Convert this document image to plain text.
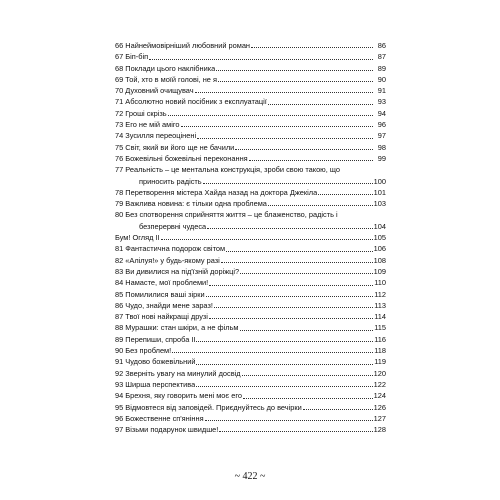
66 Найнеймовірніший любовний роман	86
67 Біп-біп	87
68 Поклади цього наклібника	89
69 Той, хто в моїй голові, не я	90
70 Духовний очищувач	91
71 Абсолютно новий посібник з експлуатації	93
72 Гроші скрізь	94
73 Его не мій аміго	96
74 Зусилля переоцінені	97
75 Світ, який ви його ще не бачили	98
76 Божевільні божевільні переконання	99
77 Реальність – це ментальна конструкція, зроби свою такою, що
приносить радість	100
78 Перетворення містера Хайда назад на доктора Джекіла	101
79 Важлива новина: є тільки одна проблема	103
80 Без спотворення сприйняття життя – це блаженство, радість і
безперервні чудеса	104
Бум! Огляд ІІ	105
81 Фантастична подорож світом	106
82 «Алілуя!» у будь-якому разі	108
83 Ви дивилися на під'їзній доріжці?	109
84 Намасте, мої проблеми!	110
85 Помилилися ваші зірки	112
86 Чудо, знайди мене зараз!	113
87 Твої нові найкращі друзі	114
88 Мурашки: стан шкіри, а не фільм	115
89 Перепиши, спроба ІІ	116
90 Без проблем!	118
91 Чудово божевільний	119
92 Зверніть увагу на минулий досвід	120
93 Ширша перспектива	122
94 Брехня, яку говорить мені моє его	124
95 Відмовтеся від заповідей. Приєднуйтесь до вечірки	126
96 Божественне сп'яніння	127
97 Візьми подарунок швидше!	128
~ 422 ~
